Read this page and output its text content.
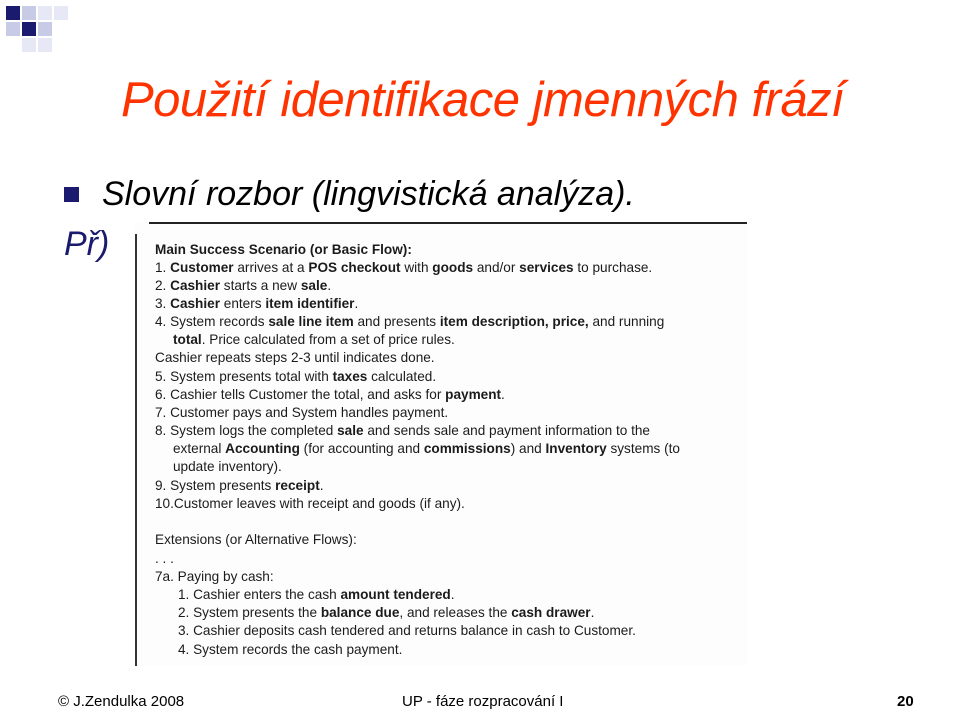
Použití identifikace jmenných frází
Slovní rozbor (lingvistická analýza).
Př)	Main Success Scenario (or Basic Flow):
1. Customer arrives at a POS checkout with goods and/or services to purchase.
2. Cashier starts a new sale.
3. Cashier enters item identifier.
4. System records sale line item and presents item description, price, and running
total. Price calculated from a set of price rules.
Cashier repeats steps 2-3 until indicates done.
5. System presents total with taxes calculated.
6. Cashier tells Customer the total, and asks for payment.
7. Customer pays and System handles payment.
8. System logs the completed sale and sends sale and payment information to the
external Accounting (for accounting and commissions) and Inventory systems (to
update inventory).
9. System presents receipt.
10.Customer leaves with receipt and goods (if any).
Extensions (or Alternative Flows):
. . .
7a. Paying by cash:
1. Cashier enters the cash amount tendered.
2. System presents the balance due, and releases the cash drawer.
3. Cashier deposits cash tendered and returns balance in cash to Customer.
4. System records the cash payment.
© J.Zendulka 2008	UP - fáze rozpracování I	20
